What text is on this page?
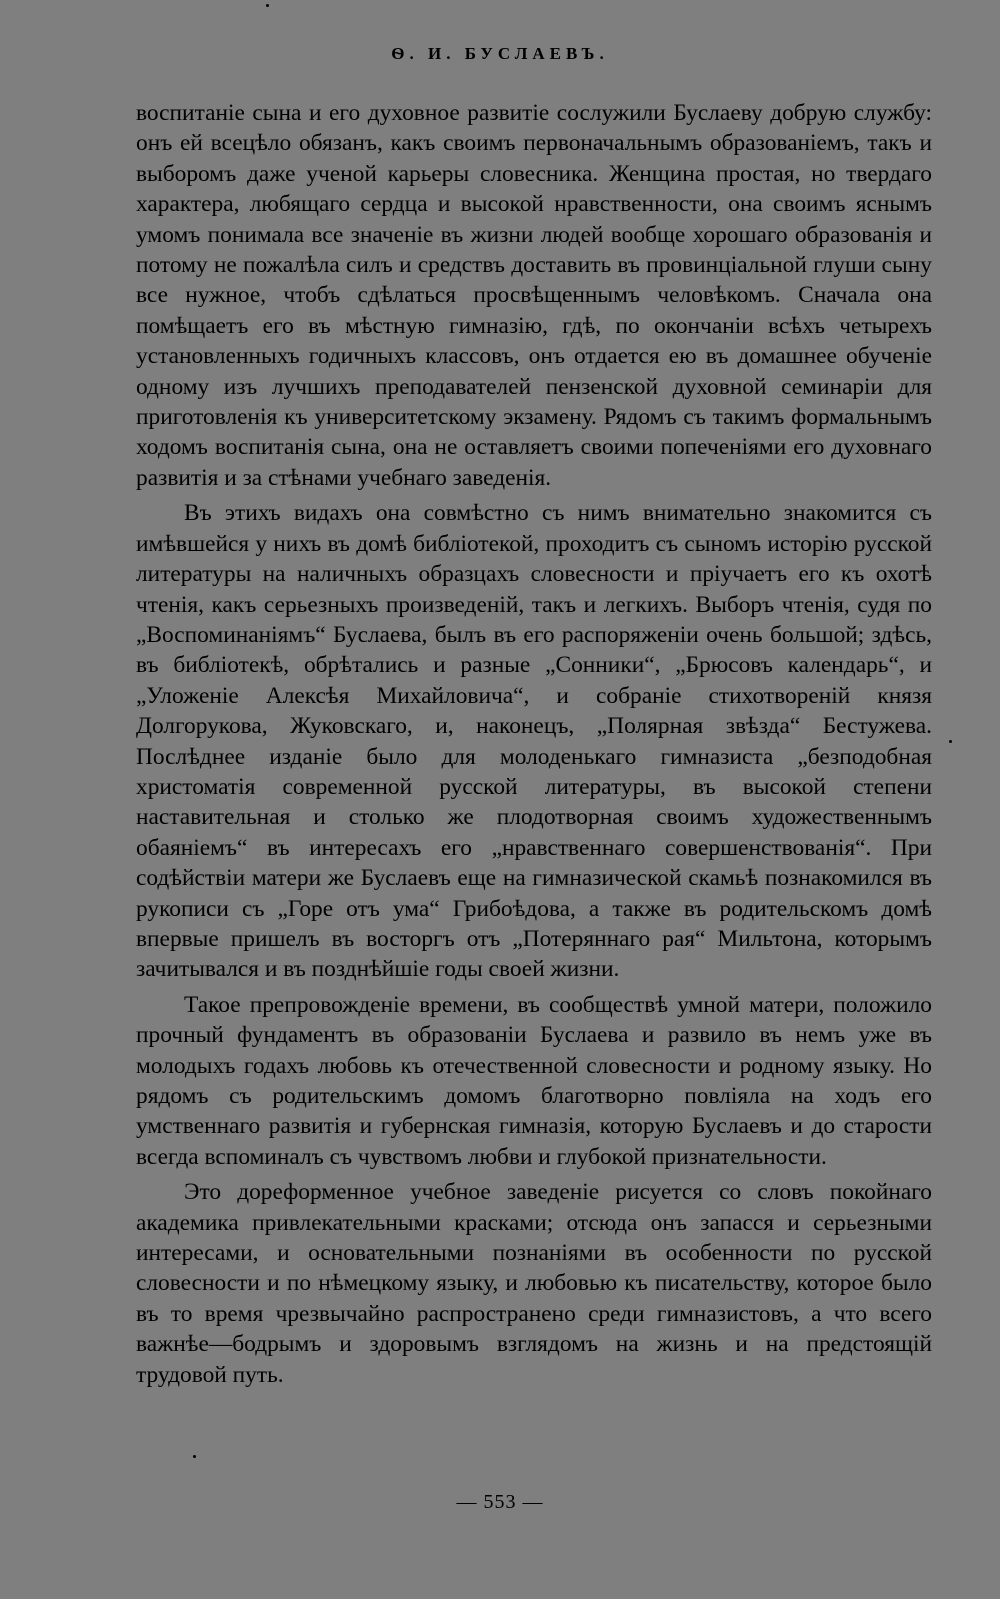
Ѳ. И. БУСЛАЕВЪ.

воспитаніе сына и его духовное развитіе сослужили Буслаеву добрую службу: онъ ей всецѣло обязанъ, какъ своимъ первоначальнымъ образованіемъ, такъ и выборомъ даже ученой карьеры словесника. Женщина простая, но твердаго характера, любящаго сердца и высокой нравственности, она своимъ яснымъ умомъ понимала все значеніе въ жизни людей вообще хорошаго образованія и потому не пожалѣла силъ и средствъ доставить въ провинціальной глуши сыну все нужное, чтобъ сдѣлаться просвѣщеннымъ человѣкомъ. Сначала она помѣщаетъ его въ мѣстную гимназію, гдѣ, по окончаніи всѣхъ четырехъ установленныхъ годичныхъ классовъ, онъ отдается ею въ домашнее обученіе одному изъ лучшихъ преподавателей пензенской духовной семинаріи для приготовленія къ университетскому экзамену. Рядомъ съ такимъ формальнымъ ходомъ воспитанія сына, она не оставляетъ своими попеченіями его духовнаго развитія и за стѣнами учебнаго заведенія.

Въ этихъ видахъ она совмѣстно съ нимъ внимательно знакомится съ имѣвшейся у нихъ въ домѣ библіотекой, проходитъ съ сыномъ исторію русской литературы на наличныхъ образцахъ словесности и пріучаетъ его къ охотѣ чтенія, какъ серьезныхъ произведеній, такъ и легкихъ. Выборъ чтенія, судя по „Воспоминаніямъ“ Буслаева, былъ въ его распоряженіи очень большой; здѣсь, въ библіотекѣ, обрѣтались и разные „Сонники“, „Брюсовъ календарь“, и „Уложеніе Алексѣя Михайловича“, и собраніе стихотвореній князя Долгорукова, Жуковскаго, и, наконецъ, „Полярная звѣзда“ Бестужева. Послѣднее изданіе было для молоденькаго гимназиста „безподобная христоматія современной русской литературы, въ высокой степени наставительная и столько же плодотворная своимъ художественнымъ обаяніемъ“ въ интересахъ его „нравственнаго совершенствованія“. При содѣйствіи матери же Буслаевъ еще на гимназической скамьѣ познакомился въ рукописи съ „Горе отъ ума“ Грибоѣдова, а также въ родительскомъ домѣ впервые пришелъ въ восторгъ отъ „Потеряннаго рая“ Мильтона, которымъ зачитывался и въ позднѣйшіе годы своей жизни.

Такое препровожденіе времени, въ сообществѣ умной матери, положило прочный фундаментъ въ образованіи Буслаева и развило въ немъ уже въ молодыхъ годахъ любовь къ отечественной словесности и родному языку. Но рядомъ съ родительскимъ домомъ благотворно повліяла на ходъ его умственнаго развитія и губернская гимназія, которую Буслаевъ и до старости всегда вспоминалъ съ чувствомъ любви и глубокой признательности.

Это дореформенное учебное заведеніе рисуется со словъ покойнаго академика привлекательными красками; отсюда онъ запасся и серьезными интересами, и основательными познаніями въ особенности по русской словесности и по нѣмецкому языку, и любовью къ писательству, которое было въ то время чрезвычайно распространено среди гимназистовъ, а что всего важнѣе—бодрымъ и здоровымъ взглядомъ на жизнь и на предстоящій трудовой путь.

— 553 —
